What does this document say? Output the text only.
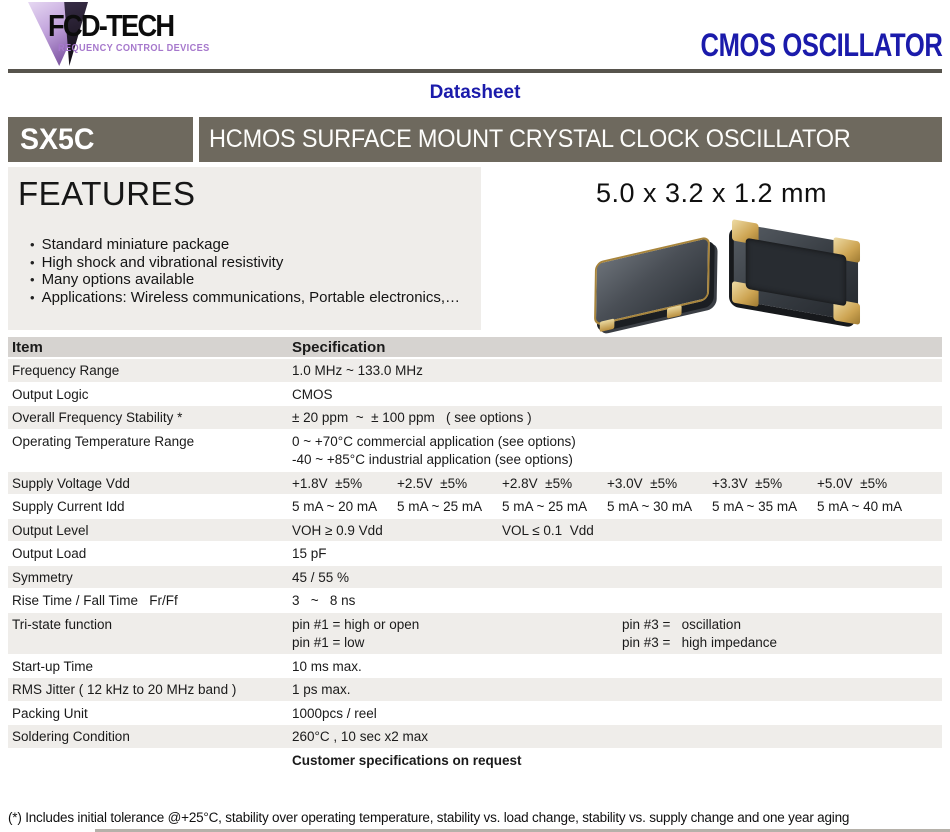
FCD-TECH
REQUENCY CONTROL DEVICES	CMOS OSCILLATOR
Datasheet
SX5C	HCMOS SURFACE MOUNT CRYSTAL CLOCK OSCILLATOR
FEATURES
• Standard miniature package
• High shock and vibrational resistivity
• Many options available
• Applications: Wireless communications, Portable electronics,…
5.0 x 3.2 x 1.2 mm
Item	Specification
Frequency Range	1.0 MHz ~ 133.0 MHz
Output Logic	CMOS
Overall Frequency Stability *	± 20 ppm  ~  ± 100 ppm   ( see options )
Operating Temperature Range	0 ~ +70°C commercial application (see options)
-40 ~ +85°C industrial application (see options)
Supply Voltage Vdd	+1.8V  ±5%	+2.5V  ±5%	+2.8V  ±5%	+3.0V  ±5%	+3.3V  ±5%	+5.0V  ±5%
Supply Current Idd	5 mA ~ 20 mA	5 mA ~ 25 mA	5 mA ~ 25 mA	5 mA ~ 30 mA	5 mA ~ 35 mA	5 mA ~ 40 mA
Output Level	VOH ≥ 0.9 Vdd	VOL ≤ 0.1  Vdd
Output Load	15 pF
Symmetry	45 / 55 %
Rise Time / Fall Time   Fr/Ff	3   ~   8 ns
Tri-state function	pin #1 = high or open	pin #3 =   oscillation
pin #1 = low	pin #3 =   high impedance
Start-up Time	10 ms max.
RMS Jitter ( 12 kHz to 20 MHz band )	1 ps max.
Packing Unit	1000pcs / reel
Soldering Condition	260°C , 10 sec x2 max
Customer specifications on request
(*) Includes initial tolerance @+25°C, stability over operating temperature, stability vs. load change, stability vs. supply change and one year aging
